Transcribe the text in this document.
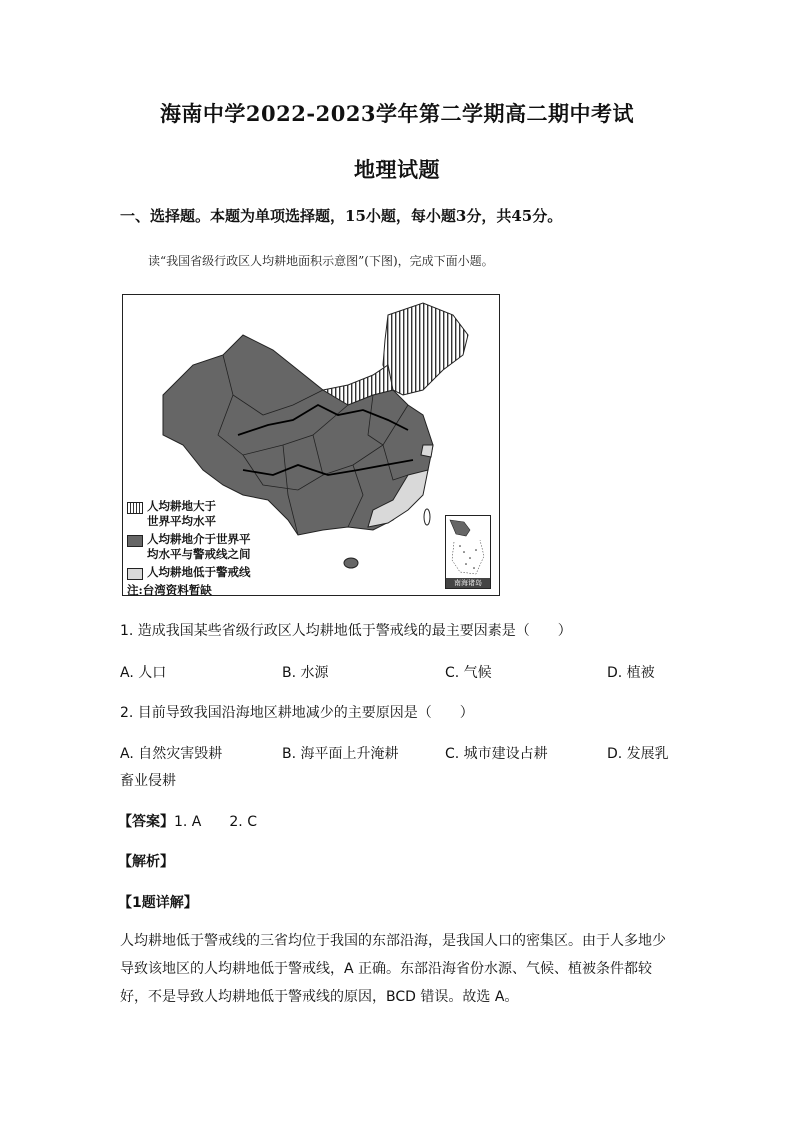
海南中学2022-2023学年第二学期高二期中考试
地理试题
一、选择题。本题为单项选择题，15小题，每小题3分，共45分。
读“我国省级行政区人均耕地面积示意图”(下图)，完成下面小题。
人均耕地大于
世界平均水平
人均耕地介于世界平
均水平与警戒线之间
人均耕地低于警戒线
注:台湾资料暂缺	南海诸岛
1. 造成我国某些省级行政区人均耕地低于警戒线的最主要因素是（　　）
A. 人口	B. 水源	C. 气候	D. 植被
2. 目前导致我国沿海地区耕地减少的主要原因是（　　）
A. 自然灾害毁耕	B. 海平面上升淹耕	C. 城市建设占耕	D. 发展乳
畜业侵耕
【答案】1. A　　2. C
【解析】
【1题详解】
人均耕地低于警戒线的三省均位于我国的东部沿海，是我国人口的密集区。由于人多地少
导致该地区的人均耕地低于警戒线，A 正确。东部沿海省份水源、气候、植被条件都较
好，不是导致人均耕地低于警戒线的原因，BCD 错误。故选 A。
